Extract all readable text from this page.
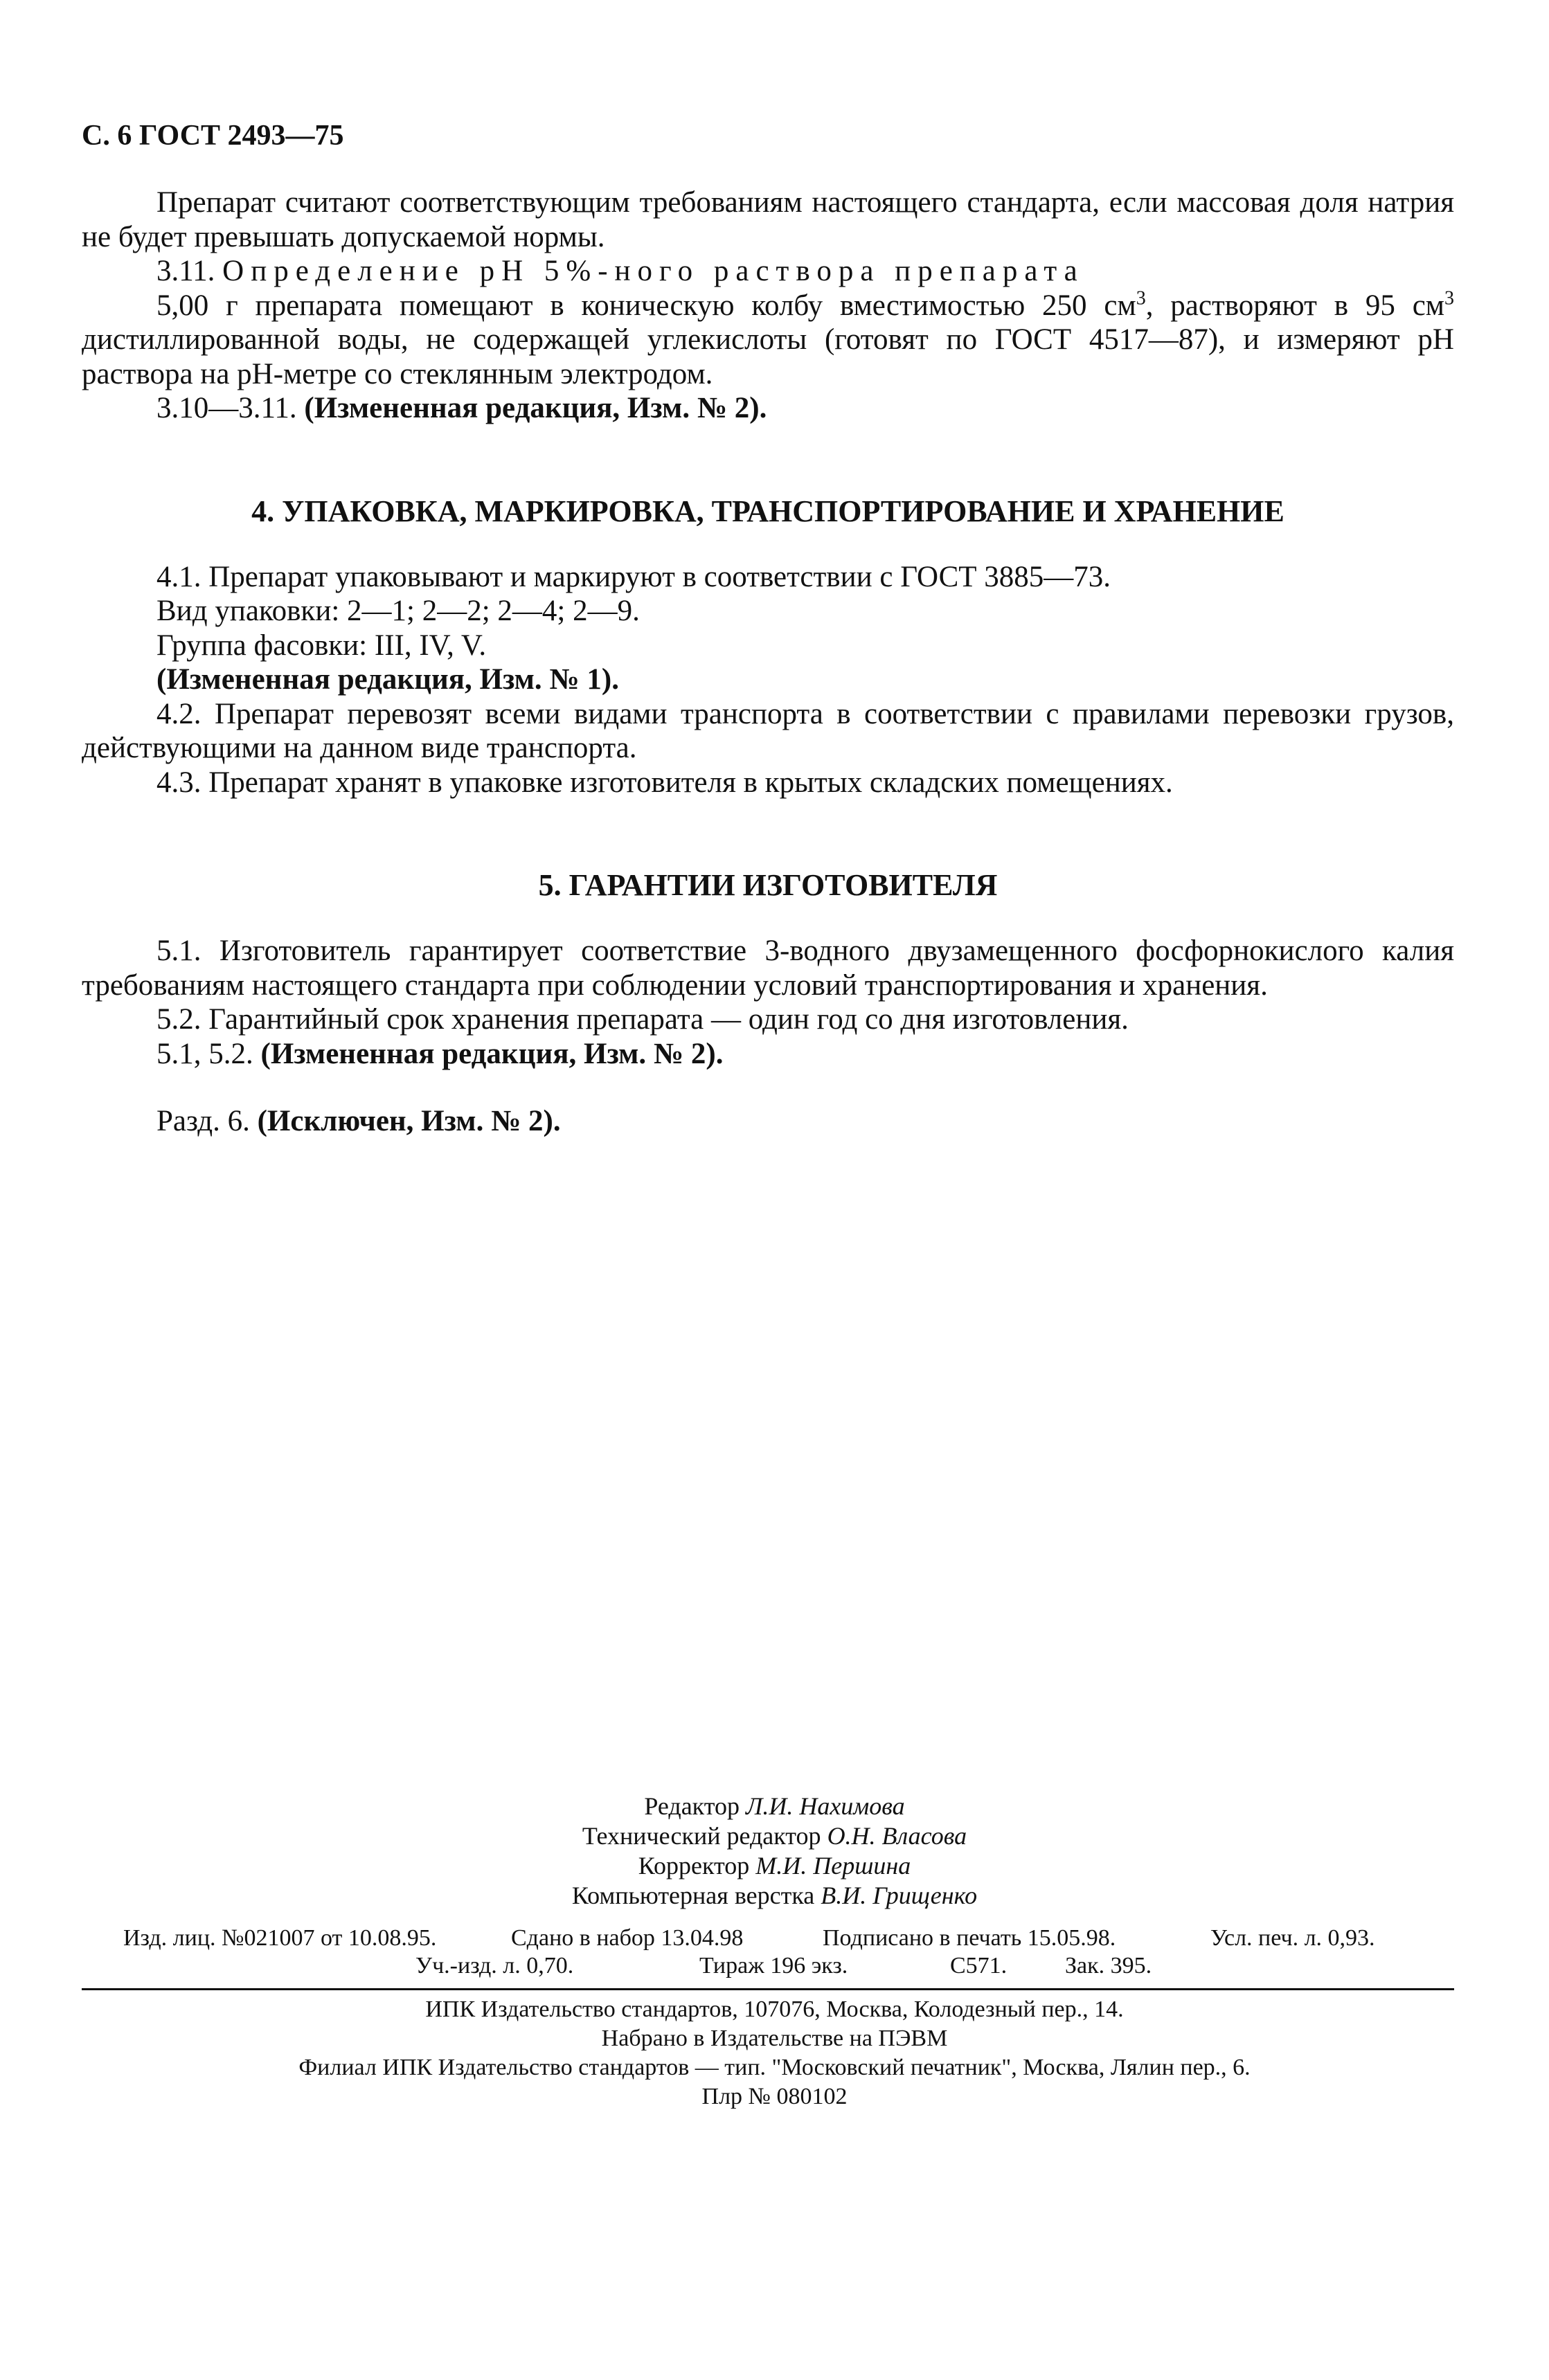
С. 6 ГОСТ 2493—75

Препарат считают соответствующим требованиям настоящего стандарта, если массовая доля натрия не будет превышать допускаемой нормы.

3.11. Определение рН 5%-ного раствора препарата

5,00 г препарата помещают в коническую колбу вместимостью 250 $см^3$, растворяют в 95 $см^3$ дистиллированной воды, не содержащей углекислоты (готовят по ГОСТ 4517—87), и измеряют рН раствора на рН-метре со стеклянным электродом.

3.10—3.11. (Измененная редакция, Изм. № 2).

4. УПАКОВКА, МАРКИРОВКА, ТРАНСПОРТИРОВАНИЕ И ХРАНЕНИЕ

4.1. Препарат упаковывают и маркируют в соответствии с ГОСТ 3885—73.

Вид упаковки: 2—1; 2—2; 2—4; 2—9.

Группа фасовки: III, IV, V.

(Измененная редакция, Изм. № 1).

4.2. Препарат перевозят всеми видами транспорта в соответствии с правилами перевозки грузов, действующими на данном виде транспорта.

4.3. Препарат хранят в упаковке изготовителя в крытых складских помещениях.

5. ГАРАНТИИ ИЗГОТОВИТЕЛЯ

5.1. Изготовитель гарантирует соответствие 3-водного двузамещенного фосфорнокислого калия требованиям настоящего стандарта при соблюдении условий транспортирования и хранения.

5.2. Гарантийный срок хранения препарата — один год со дня изготовления.

5.1, 5.2. (Измененная редакция, Изм. № 2).

Разд. 6. (Исключен, Изм. № 2).

Редактор Л.И. Нахимова
Технический редактор О.Н. Власова
Корректор М.И. Першина
Компьютерная верстка В.И. Грищенко
Изд. лиц. №021007 от 10.08.95.	Сдано в набор 13.04.98	Подписано в печать 15.05.98.	Усл. печ. л. 0,93.
Уч.-изд. л. 0,70.	Тираж 196 экз.	С571.	Зак. 395.
ИПК Издательство стандартов, 107076, Москва, Колодезный пер., 14.
Набрано в Издательстве на ПЭВМ
Филиал ИПК Издательство стандартов — тип. "Московский печатник", Москва, Лялин пер., 6.
Плр № 080102
